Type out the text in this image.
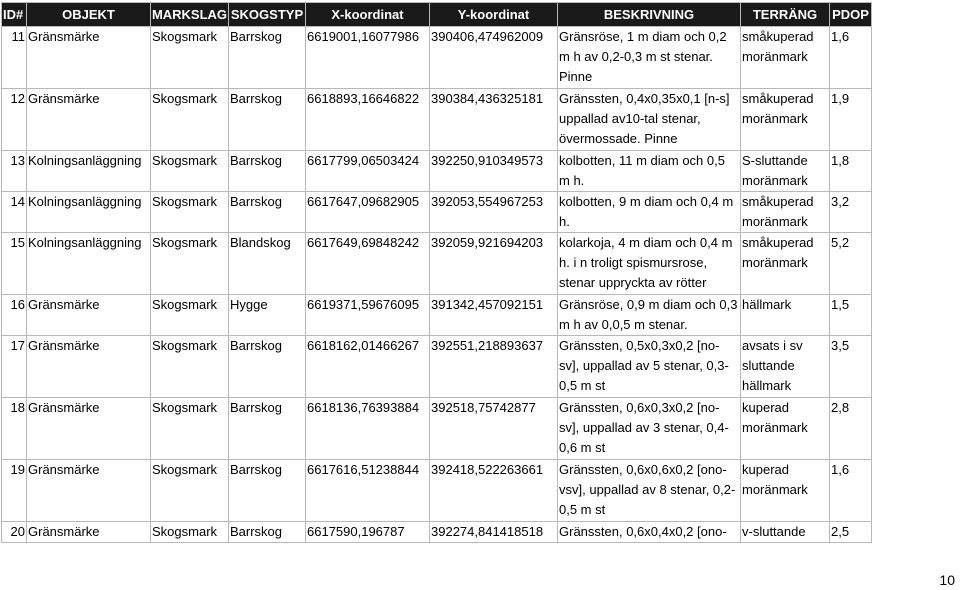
ID#	OBJEKT	MARKSLAG	SKOGSTYP	X-koordinat	Y-koordinat	BESKRIVNING	TERRÄNG	PDOP
11	Gränsmärke	Skogsmark	Barrskog	6619001,16077986	390406,474962009	Gränsröse, 1 m diam och 0,2 m h av 0,2-0,3 m st stenar. Pinne	småkuperad moränmark	1,6
12	Gränsmärke	Skogsmark	Barrskog	6618893,16646822	390384,436325181	Gränssten, 0,4x0,35x0,1 [n-s] uppallad av10-tal stenar, övermossade. Pinne	småkuperad moränmark	1,9
13	Kolningsanläggning	Skogsmark	Barrskog	6617799,06503424	392250,910349573	kolbotten, 11 m diam och 0,5 m h.	S-sluttande moränmark	1,8
14	Kolningsanläggning	Skogsmark	Barrskog	6617647,09682905	392053,554967253	kolbotten, 9 m diam och 0,4 m h.	småkuperad moränmark	3,2
15	Kolningsanläggning	Skogsmark	Blandskog	6617649,69848242	392059,921694203	kolarkoja, 4 m diam och 0,4 m h. i n troligt spismursrose, stenar uppryckta av rötter	småkuperad moränmark	5,2
16	Gränsmärke	Skogsmark	Hygge	6619371,59676095	391342,457092151	Gränsröse, 0,9 m diam och 0,3 m h av 0,0,5 m stenar.	hällmark	1,5
17	Gränsmärke	Skogsmark	Barrskog	6618162,01466267	392551,218893637	Gränssten, 0,5x0,3x0,2 [no-sv], uppallad av 5 stenar, 0,3-0,5 m st	avsats i sv sluttande hällmark	3,5
18	Gränsmärke	Skogsmark	Barrskog	6618136,76393884	392518,75742877	Gränssten, 0,6x0,3x0,2 [no-sv], uppallad av 3 stenar, 0,4-0,6 m st	kuperad moränmark	2,8
19	Gränsmärke	Skogsmark	Barrskog	6617616,51238844	392418,522263661	Gränssten, 0,6x0,6x0,2 [ono-vsv], uppallad av 8 stenar, 0,2-0,5 m st	kuperad moränmark	1,6
20	Gränsmärke	Skogsmark	Barrskog	6617590,196787	392274,841418518	Gränssten, 0,6x0,4x0,2 [ono-	v-sluttande	2,5
10
